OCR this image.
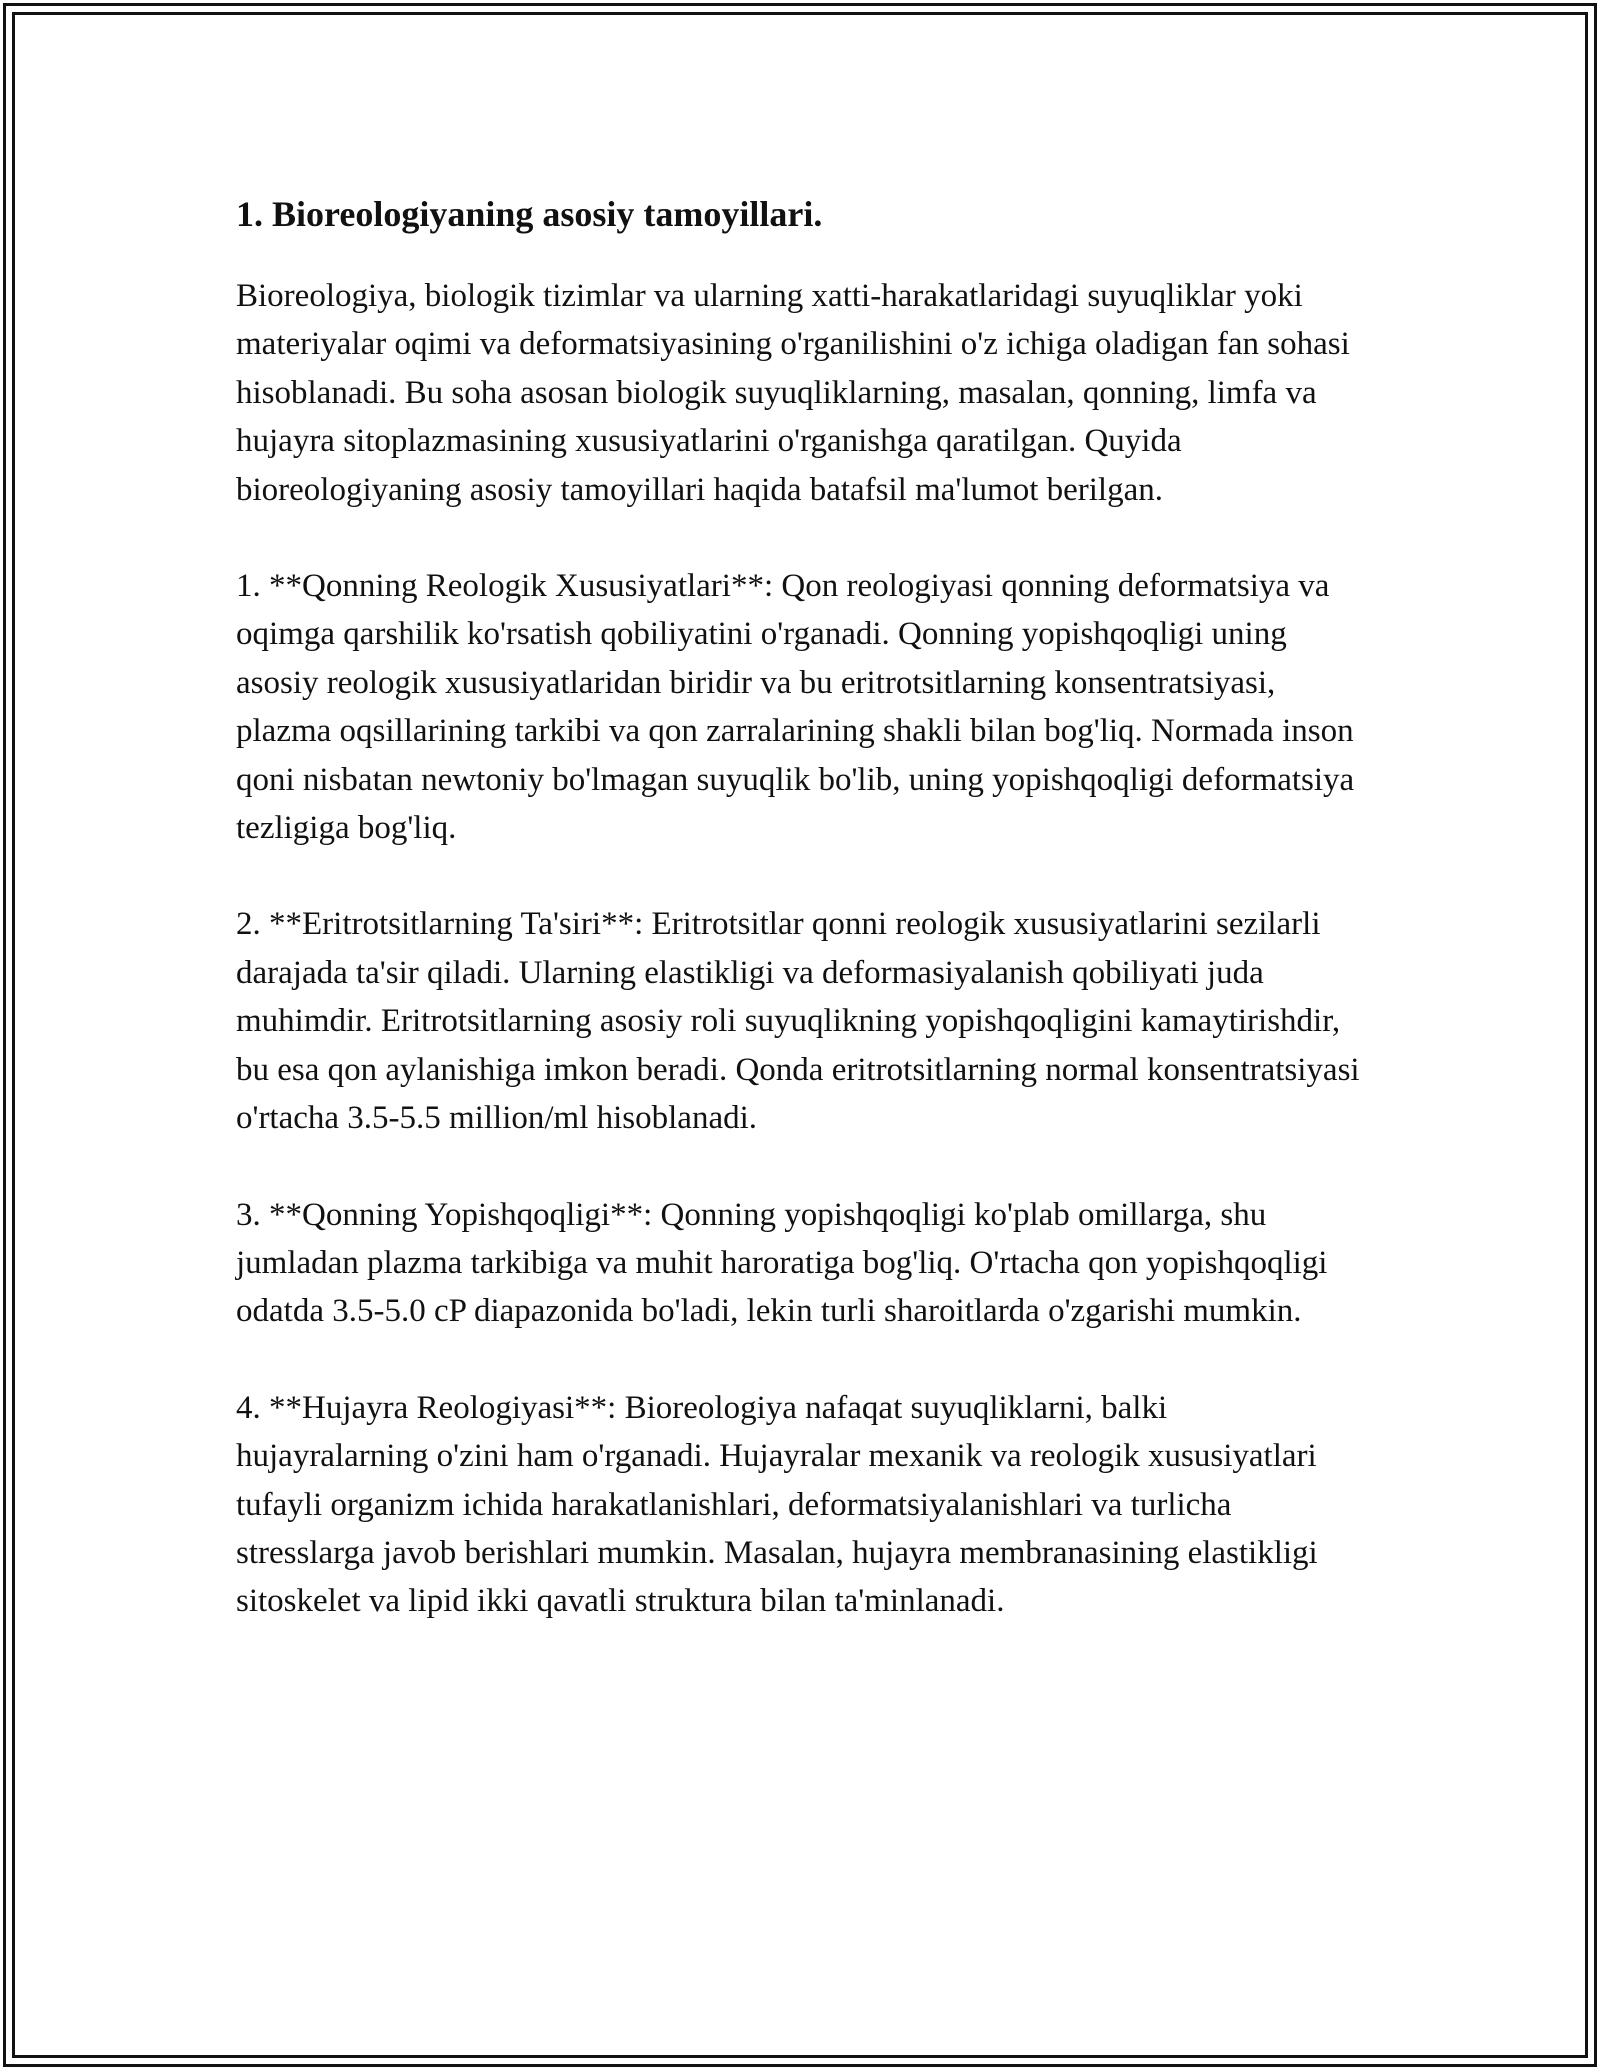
1. Bioreologiyaning asosiy tamoyillari.

Bioreologiya, biologik tizimlar va ularning xatti-harakatlaridagi suyuqliklar yoki materiyalar oqimi va deformatsiyasining o'rganilishini o'z ichiga oladigan fan sohasi hisoblanadi. Bu soha asosan biologik suyuqliklarning, masalan, qonning, limfa va hujayra sitoplazmasining xususiyatlarini o'rganishga qaratilgan. Quyida bioreologiyaning asosiy tamoyillari haqida batafsil ma'lumot berilgan.

1. **Qonning Reologik Xususiyatlari**: Qon reologiyasi qonning deformatsiya va oqimga qarshilik ko'rsatish qobiliyatini o'rganadi. Qonning yopishqoqligi uning asosiy reologik xususiyatlaridan biridir va bu eritrotsitlarning konsentratsiyasi, plazma oqsillarining tarkibi va qon zarralarining shakli bilan bog'liq. Normada inson qoni nisbatan newtoniy bo'lmagan suyuqlik bo'lib, uning yopishqoqligi deformatsiya tezligiga bog'liq.

2. **Eritrotsitlarning Ta'siri**: Eritrotsitlar qonni reologik xususiyatlarini sezilarli darajada ta'sir qiladi. Ularning elastikligi va deformasiyalanish qobiliyati juda muhimdir. Eritrotsitlarning asosiy roli suyuqlikning yopishqoqligini kamaytirishdir, bu esa qon aylanishiga imkon beradi. Qonda eritrotsitlarning normal konsentratsiyasi o'rtacha 3.5-5.5 million/ml hisoblanadi.

3. **Qonning Yopishqoqligi**: Qonning yopishqoqligi ko'plab omillarga, shu jumladan plazma tarkibiga va muhit haroratiga bog'liq. O'rtacha qon yopishqoqligi odatda 3.5-5.0 cP diapazonida bo'ladi, lekin turli sharoitlarda o'zgarishi mumkin.

4. **Hujayra Reologiyasi**: Bioreologiya nafaqat suyuqliklarni, balki hujayralarning o'zini ham o'rganadi. Hujayralar mexanik va reologik xususiyatlari tufayli organizm ichida harakatlanishlari, deformatsiyalanishlari va turlicha stresslarga javob berishlari mumkin. Masalan, hujayra membranasining elastikligi sitoskelet va lipid ikki qavatli struktura bilan ta'minlanadi.
